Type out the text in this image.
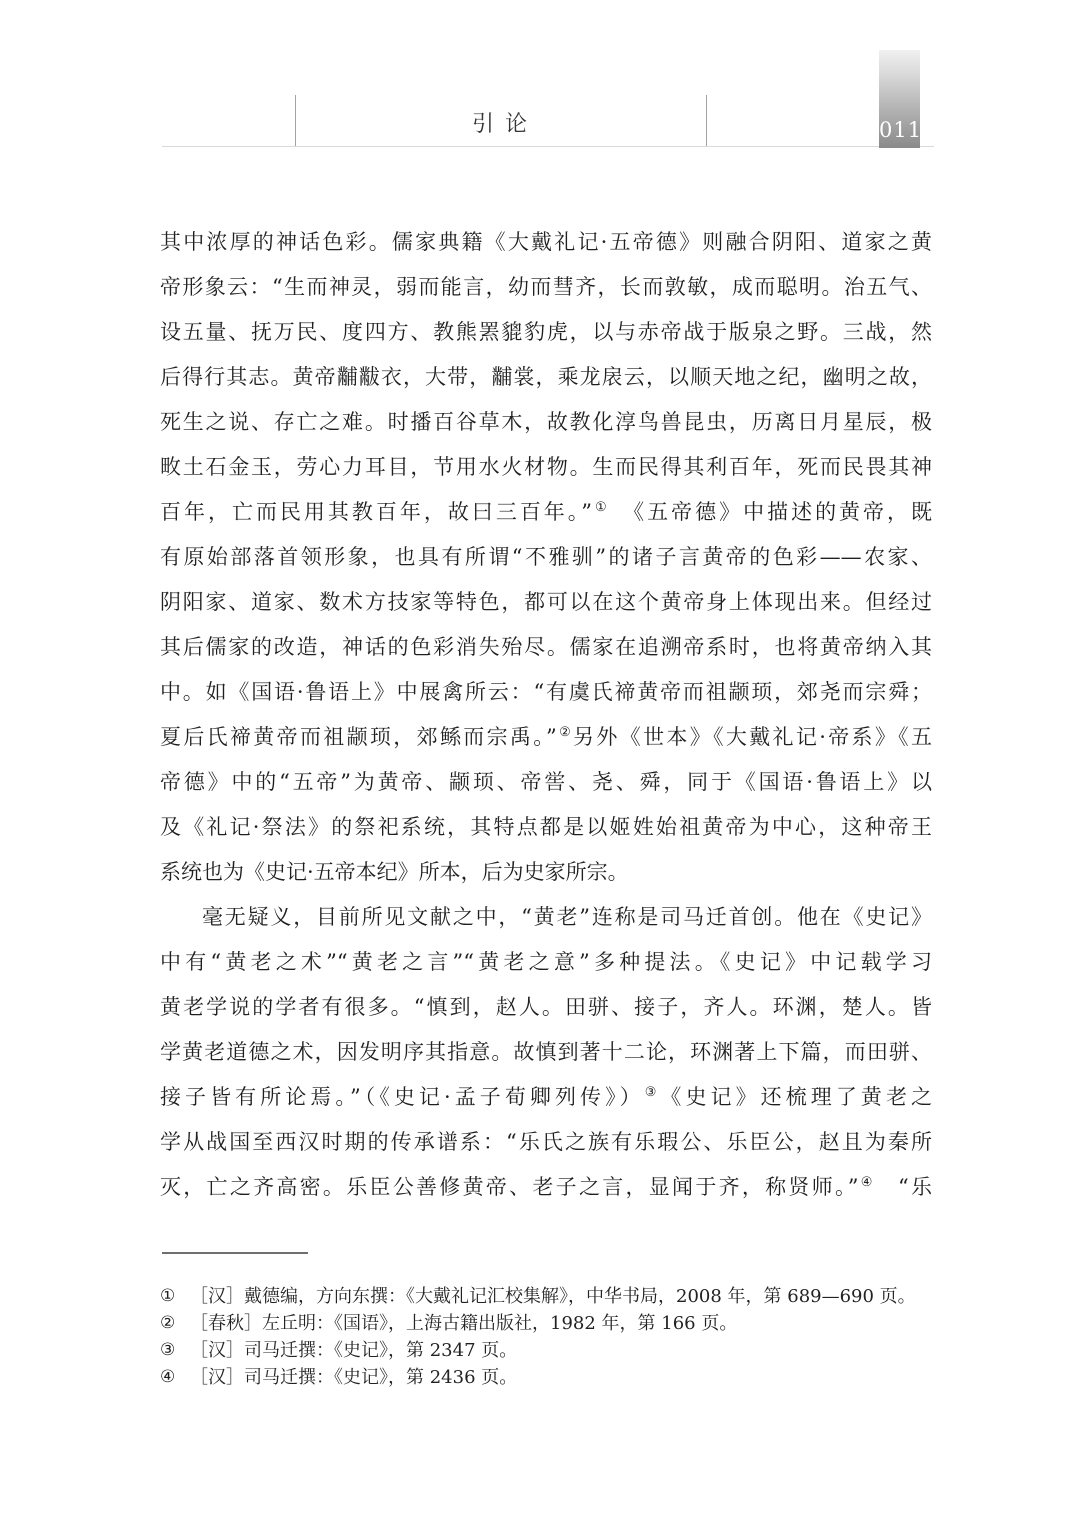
引 论	011
其中浓厚的神话色彩。儒家典籍《大戴礼记·五帝德》则融合阴阳、道家之黄
帝形象云：“生而神灵，弱而能言，幼而彗齐，长而敦敏，成而聪明。治五气、
设五量、抚万民、度四方、教熊罴貔豹虎，以与赤帝战于版泉之野。三战，然
后得行其志。黄帝黼黻衣，大带，黼裳，乘龙扆云，以顺天地之纪，幽明之故，
死生之说、存亡之难。时播百谷草木，故教化淳鸟兽昆虫，历离日月星辰，极
畋土石金玉，劳心力耳目，节用水火材物。生而民得其利百年，死而民畏其神
百年，亡而民用其教百年，故曰三百年。”①　《五帝德》中描述的黄帝，既
有原始部落首领形象，也具有所谓“不雅驯”的诸子言黄帝的色彩——农家、
阴阳家、道家、数术方技家等特色，都可以在这个黄帝身上体现出来。但经过
其后儒家的改造，神话的色彩消失殆尽。儒家在追溯帝系时，也将黄帝纳入其
中。如《国语·鲁语上》中展禽所云：“有虞氏禘黄帝而祖颛顼，郊尧而宗舜；
夏后氏禘黄帝而祖颛顼，郊鲧而宗禹。”②另外《世本》《大戴礼记·帝系》《五
帝德》中的“五帝”为黄帝、颛顼、帝喾、尧、舜，同于《国语·鲁语上》以
及《礼记·祭法》的祭祀系统，其特点都是以姬姓始祖黄帝为中心，这种帝王
系统也为《史记·五帝本纪》所本，后为史家所宗。
毫无疑义，目前所见文献之中，“黄老”连称是司马迁首创。他在《史记》
中有“黄老之术”“黄老之言”“黄老之意”多种提法。《史记》中记载学习
黄老学说的学者有很多。“慎到，赵人。田骈、接子，齐人。环渊，楚人。皆
学黄老道德之术，因发明序其指意。故慎到著十二论，环渊著上下篇，而田骈、
接子皆有所论焉。”（《史记·孟子荀卿列传》）③《史记》还梳理了黄老之
学从战国至西汉时期的传承谱系：“乐氏之族有乐瑕公、乐臣公，赵且为秦所
灭，亡之齐高密。乐臣公善修黄帝、老子之言，显闻于齐，称贤师。”④　“乐
① ［汉］戴德编，方向东撰：《大戴礼记汇校集解》，中华书局，2008 年，第 689—690 页。
② ［春秋］左丘明：《国语》，上海古籍出版社，1982 年，第 166 页。
③ ［汉］司马迁撰：《史记》，第 2347 页。
④ ［汉］司马迁撰：《史记》，第 2436 页。
